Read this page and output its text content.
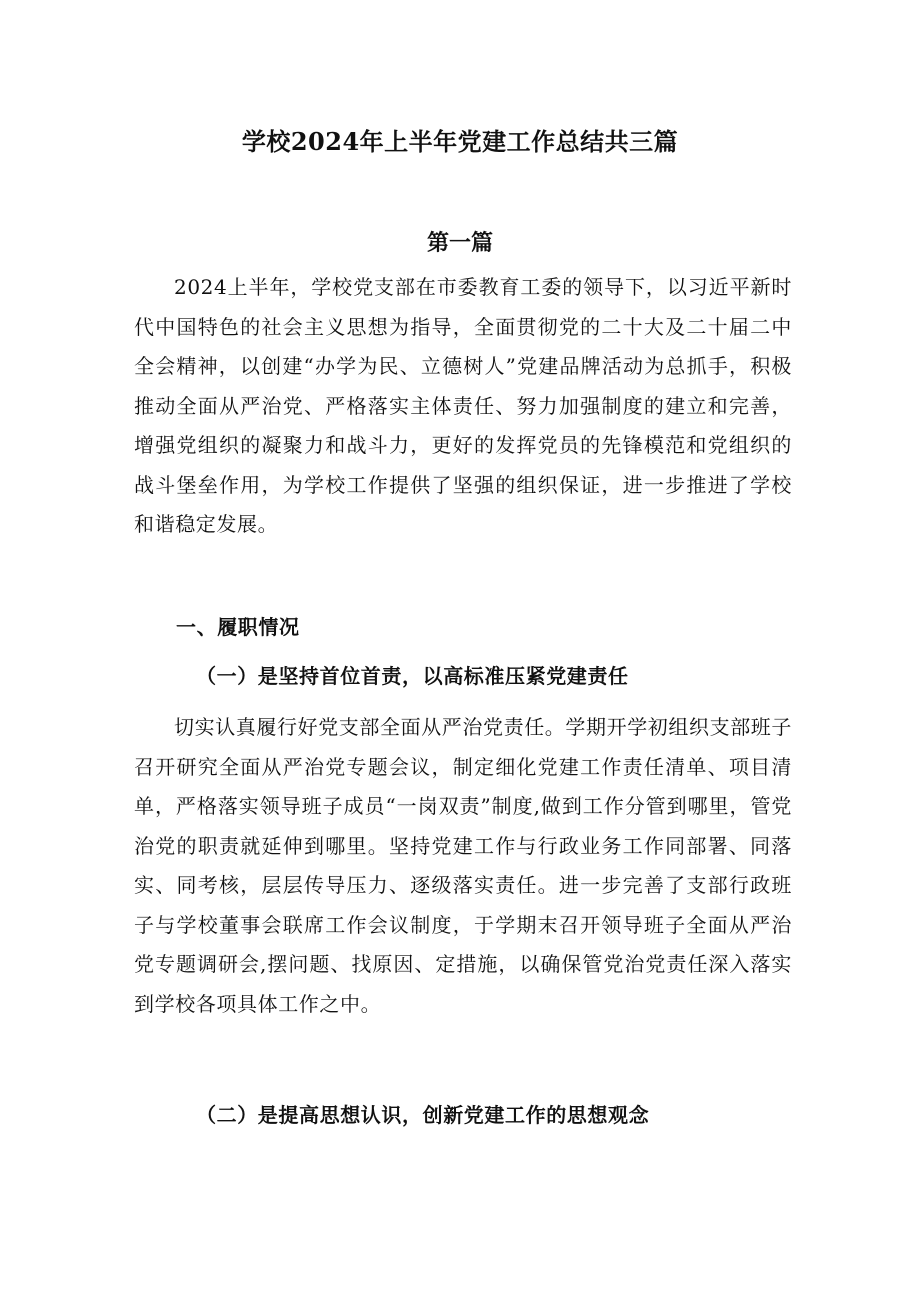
学校2024年上半年党建工作总结共三篇
第一篇
2024上半年，学校党支部在市委教育工委的领导下，以习近平新时代中国特色的社会主义思想为指导，全面贯彻党的二十大及二十届二中全会精神，以创建“办学为民、立德树人”党建品牌活动为总抓手，积极推动全面从严治党、严格落实主体责任、努力加强制度的建立和完善，增强党组织的凝聚力和战斗力，更好的发挥党员的先锋模范和党组织的战斗堡垒作用，为学校工作提供了坚强的组织保证，进一步推进了学校和谐稳定发展。
一、履职情况
（一）是坚持首位首责，以高标准压紧党建责任
切实认真履行好党支部全面从严治党责任。学期开学初组织支部班子召开研究全面从严治党专题会议，制定细化党建工作责任清单、项目清单，严格落实领导班子成员“一岗双责”制度,做到工作分管到哪里，管党治党的职责就延伸到哪里。坚持党建工作与行政业务工作同部署、同落实、同考核，层层传导压力、逐级落实责任。进一步完善了支部行政班子与学校董事会联席工作会议制度，于学期末召开领导班子全面从严治党专题调研会,摆问题、找原因、定措施，以确保管党治党责任深入落实到学校各项具体工作之中。
（二）是提高思想认识，创新党建工作的思想观念
